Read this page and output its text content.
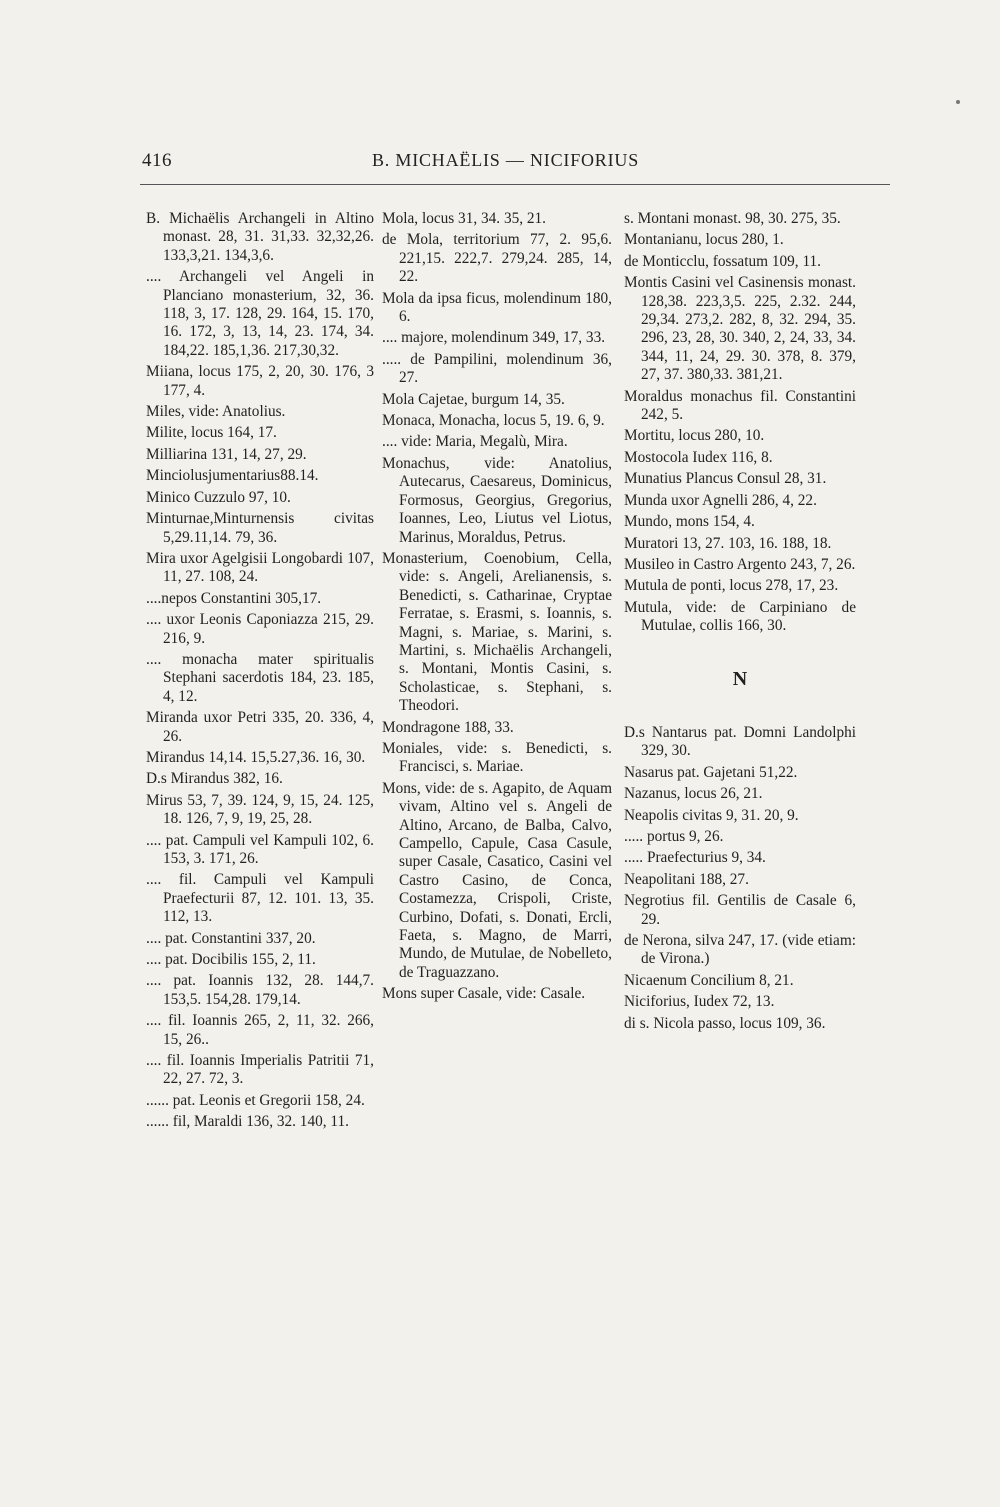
416	B. MICHAËLIS — NICIFORIUS

B. Michaëlis Archangeli in Altino monast. 28, 31. 31,33. 32,32,26. 133,3,21. 134,3,6.

.... Archangeli vel Angeli in Planciano monasterium, 32, 36. 118, 3, 17. 128, 29. 164, 15. 170, 16. 172, 3, 13, 14, 23. 174, 34. 184,22. 185,1,36. 217,30,32.

Miiana, locus 175, 2, 20, 30. 176, 3 177, 4.

Miles, vide: Anatolius.

Milite, locus 164, 17.

Milliarina 131, 14, 27, 29.

Minciolusjumentarius88.14.

Minico Cuzzulo 97, 10.

Minturnae,Minturnensis civitas 5,29.11,14. 79, 36.

Mira uxor Agelgisii Longobardi 107, 11, 27. 108, 24.

....nepos Constantini 305,17.

.... uxor Leonis Caponiazza 215, 29. 216, 9.

.... monacha mater spiritualis Stephani sacerdotis 184, 23. 185, 4, 12.

Miranda uxor Petri 335, 20. 336, 4, 26.

Mirandus 14,14. 15,5.27,36. 16, 30.

D.s Mirandus 382, 16.

Mirus 53, 7, 39. 124, 9, 15, 24. 125, 18. 126, 7, 9, 19, 25, 28.

.... pat. Campuli vel Kampuli 102, 6. 153, 3. 171, 26.

.... fil. Campuli vel Kampuli Praefecturii 87, 12. 101. 13, 35. 112, 13.

.... pat. Constantini 337, 20.

.... pat. Docibilis 155, 2, 11.

.... pat. Ioannis 132, 28. 144,7. 153,5. 154,28. 179,14.

.... fil. Ioannis 265, 2, 11, 32. 266, 15, 26..

.... fil. Ioannis Imperialis Patritii 71, 22, 27. 72, 3.

...... pat. Leonis et Gregorii 158, 24.

...... fil, Maraldi 136, 32. 140, 11.

Mola, locus 31, 34. 35, 21.

de Mola, territorium 77, 2. 95,6. 221,15. 222,7. 279,24. 285, 14, 22.

Mola da ipsa ficus, molendinum 180, 6.

.... majore, molendinum 349, 17, 33.

..... de Pampilini, molendinum 36, 27.

Mola Cajetae, burgum 14, 35.

Monaca, Monacha, locus 5, 19. 6, 9.

.... vide: Maria, Megalù, Mira.

Monachus, vide: Anatolius, Autecarus, Caesareus, Dominicus, Formosus, Georgius, Gregorius, Ioannes, Leo, Liutus vel Liotus, Marinus, Moraldus, Petrus.

Monasterium, Coenobium, Cella, vide: s. Angeli, Arelianensis, s. Benedicti, s. Catharinae, Cryptae Ferratae, s. Erasmi, s. Ioannis, s. Magni, s. Mariae, s. Marini, s. Martini, s. Michaëlis Archangeli, s. Montani, Montis Casini, s. Scholasticae, s. Stephani, s. Theodori.

Mondragone 188, 33.

Moniales, vide: s. Benedicti, s. Francisci, s. Mariae.

Mons, vide: de s. Agapito, de Aquam vivam, Altino vel s. Angeli de Altino, Arcano, de Balba, Calvo, Campello, Capule, Casa Casule, super Casale, Casatico, Casini vel Castro Casino, de Conca, Costamezza, Crispoli, Criste, Curbino, Dofati, s. Donati, Ercli, Faeta, s. Magno, de Marri, Mundo, de Mutulae, de Nobelleto, de Traguazzano.

Mons super Casale, vide: Casale.

s. Montani monast. 98, 30. 275, 35.

Montanianu, locus 280, 1.

de Monticclu, fossatum 109, 11.

Montis Casini vel Casinensis monast. 128,38. 223,3,5. 225, 2.32. 244, 29,34. 273,2. 282, 8, 32. 294, 35. 296, 23, 28, 30. 340, 2, 24, 33, 34. 344, 11, 24, 29. 30. 378, 8. 379, 27, 37. 380,33. 381,21.

Moraldus monachus fil. Constantini 242, 5.

Mortitu, locus 280, 10.

Mostocola Iudex 116, 8.

Munatius Plancus Consul 28, 31.

Munda uxor Agnelli 286, 4, 22.

Mundo, mons 154, 4.

Muratori 13, 27. 103, 16. 188, 18.

Musileo in Castro Argento 243, 7, 26.

Mutula de ponti, locus 278, 17, 23.

Mutula, vide: de Carpiniano de Mutulae, collis 166, 30.

N

D.s Nantarus pat. Domni Landolphi 329, 30.

Nasarus pat. Gajetani 51,22.

Nazanus, locus 26, 21.

Neapolis civitas 9, 31. 20, 9.

..... portus 9, 26.

..... Praefecturius 9, 34.

Neapolitani 188, 27.

Negrotius fil. Gentilis de Casale 6, 29.

de Nerona, silva 247, 17. (vide etiam: de Virona.)

Nicaenum Concilium 8, 21.

Niciforius, Iudex 72, 13.

di s. Nicola passo, locus 109, 36.
